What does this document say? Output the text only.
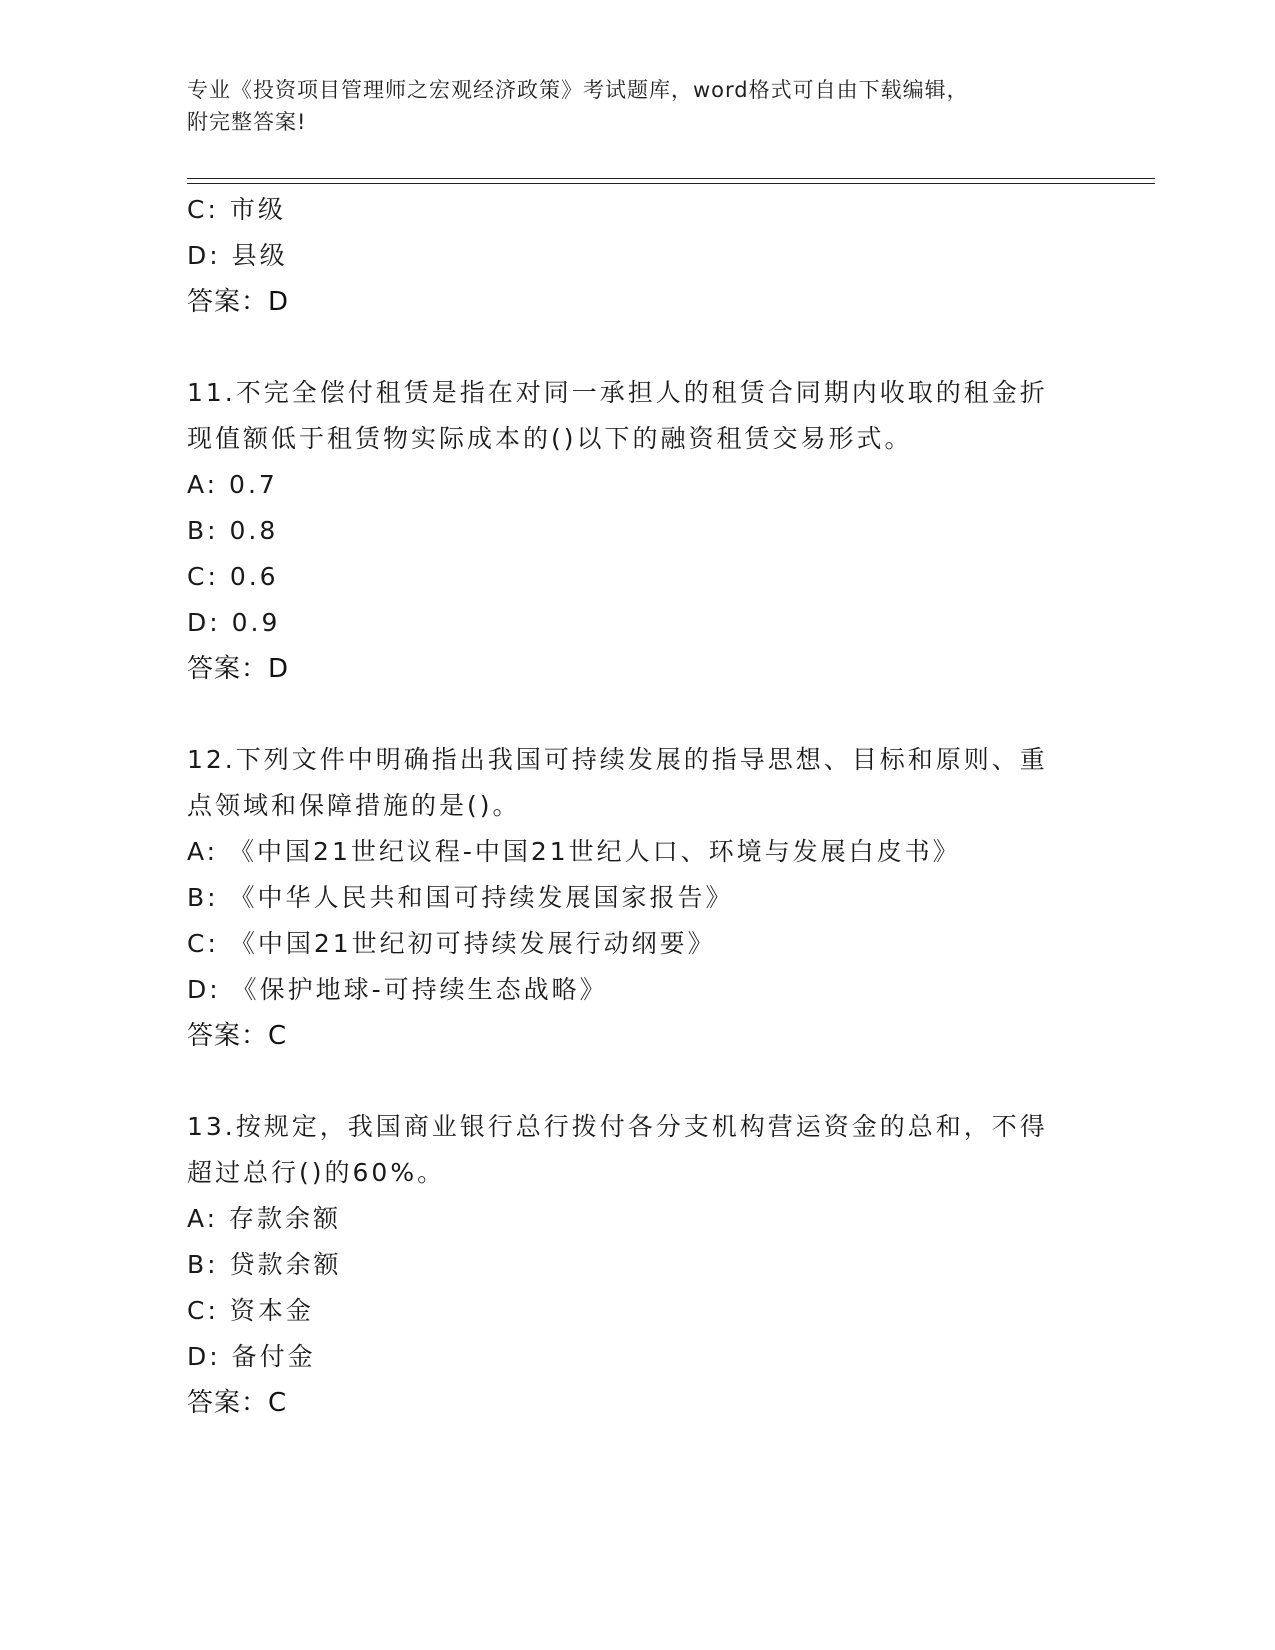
专业《投资项目管理师之宏观经济政策》考试题库，word格式可自由下载编辑，
附完整答案!
C: 市级
D: 县级
答案：D
11.不完全偿付租赁是指在对同一承担人的租赁合同期内收取的租金折
现值额低于租赁物实际成本的()以下的融资租赁交易形式。
A: 0.7
B: 0.8
C: 0.6
D: 0.9
答案：D
12.下列文件中明确指出我国可持续发展的指导思想、目标和原则、重
点领域和保障措施的是()。
A: 《中国21世纪议程-中国21世纪人口、环境与发展白皮书》
B: 《中华人民共和国可持续发展国家报告》
C: 《中国21世纪初可持续发展行动纲要》
D: 《保护地球-可持续生态战略》
答案：C
13.按规定，我国商业银行总行拨付各分支机构营运资金的总和，不得
超过总行()的60%。
A: 存款余额
B: 贷款余额
C: 资本金
D: 备付金
答案：C
